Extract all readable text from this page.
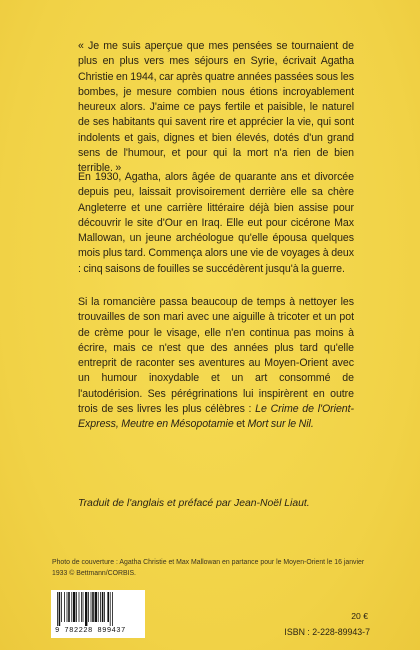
« Je me suis aperçue que mes pensées se tournaient de plus en plus vers mes séjours en Syrie, écrivait Agatha Christie en 1944, car après quatre années passées sous les bombes, je mesure combien nous étions incroyablement heureux alors. J'aime ce pays fertile et paisible, le naturel de ses habitants qui savent rire et apprécier la vie, qui sont indolents et gais, dignes et bien élevés, dotés d'un grand sens de l'humour, et pour qui la mort n'a rien de bien terrible. »

En 1930, Agatha, alors âgée de quarante ans et divorcée depuis peu, laissait provisoirement derrière elle sa chère Angleterre et une carrière littéraire déjà bien assise pour découvrir le site d'Our en Iraq. Elle eut pour cicérone Max Mallowan, un jeune archéologue qu'elle épousa quelques mois plus tard. Commença alors une vie de voyages à deux : cinq saisons de fouilles se succédèrent jusqu'à la guerre.

Si la romancière passa beaucoup de temps à nettoyer les trouvailles de son mari avec une aiguille à tricoter et un pot de crème pour le visage, elle n'en continua pas moins à écrire, mais ce n'est que des années plus tard qu'elle entreprit de raconter ses aventures au Moyen-Orient avec un humour inoxydable et un art consommé de l'autodérision. Ses pérégrinations lui inspirèrent en outre trois de ses livres les plus célèbres : Le Crime de l'Orient-Express, Meutre en Mésopotamie et Mort sur le Nil.

Traduit de l'anglais et préfacé par Jean-Noël Liaut.
Photo de couverture : Agatha Christie et Max Mallowan en partance pour le Moyen-Orient le 16 janvier 1933 © Bettmann/CORBIS.
9 782228 899437
20 €
ISBN : 2-228-89943-7
